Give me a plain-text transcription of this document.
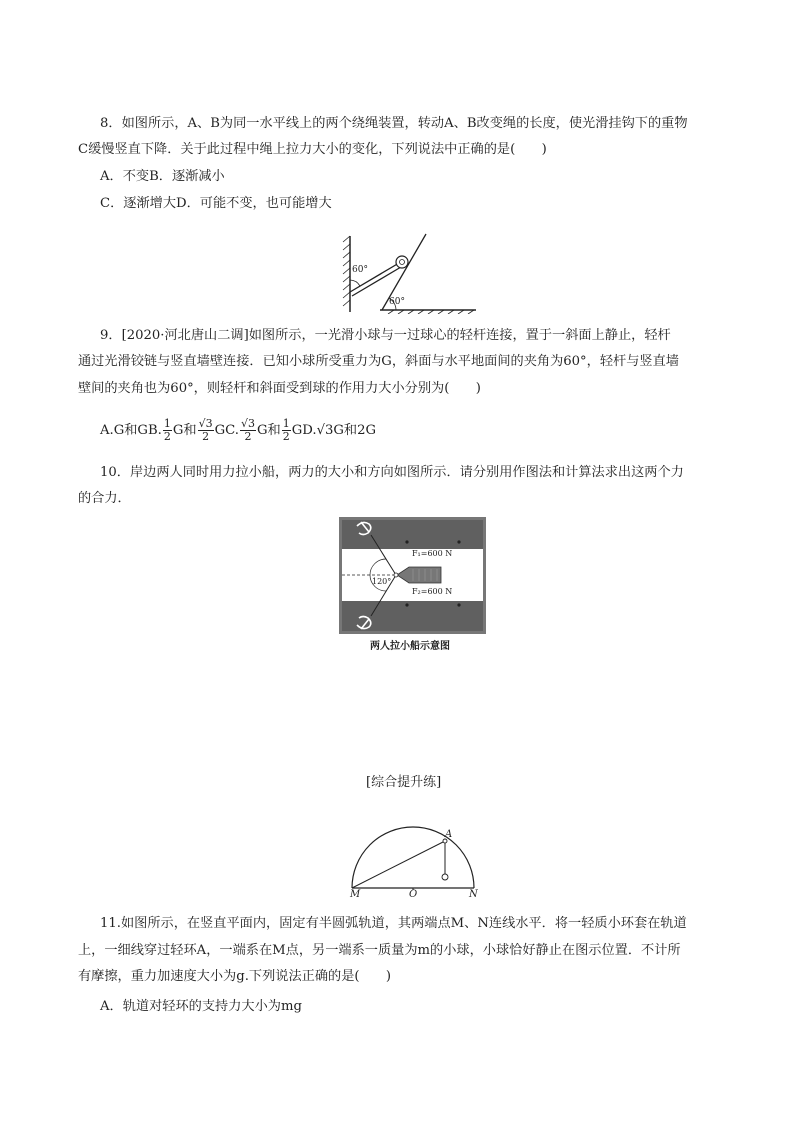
8．如图所示，A、B为同一水平线上的两个绕绳装置，转动A、B改变绳的长度，使光滑挂钩下的重物
C缓慢竖直下降．关于此过程中绳上拉力大小的变化，下列说法中正确的是(　　)
A．不变B．逐渐减小
C．逐渐增大D．可能不变，也可能增大
60°
60°
9．[2020·河北唐山二调]如图所示，一光滑小球与一过球心的轻杆连接，置于一斜面上静止，轻杆
通过光滑铰链与竖直墙壁连接．已知小球所受重力为G，斜面与水平地面间的夹角为60°，轻杆与竖直墙
壁间的夹角也为60°，则轻杆和斜面受到球的作用力大小分别为(　　)
A.G和GB. $\frac{1}{2}$ G和 $\frac{√3}{2}$ GC. $\frac{√3}{2}$ G和 $\frac{1}{2} GD.√3G$和2G
10．岸边两人同时用力拉小船，两力的大小和方向如图所示．请分别用作图法和计算法求出这两个力
的合力．
F₁=600 N
F₂=600 N
120°
两人拉小船示意图
[综合提升练]
A
M	O	N
11.如图所示，在竖直平面内，固定有半圆弧轨道，其两端点M、N连线水平．将一轻质小环套在轨道
上，一细线穿过轻环A，一端系在M点，另一端系一质量为m的小球，小球恰好静止在图示位置．不计所
有摩擦，重力加速度大小为g.下列说法正确的是(　　)
A．轨道对轻环的支持力大小为mg
